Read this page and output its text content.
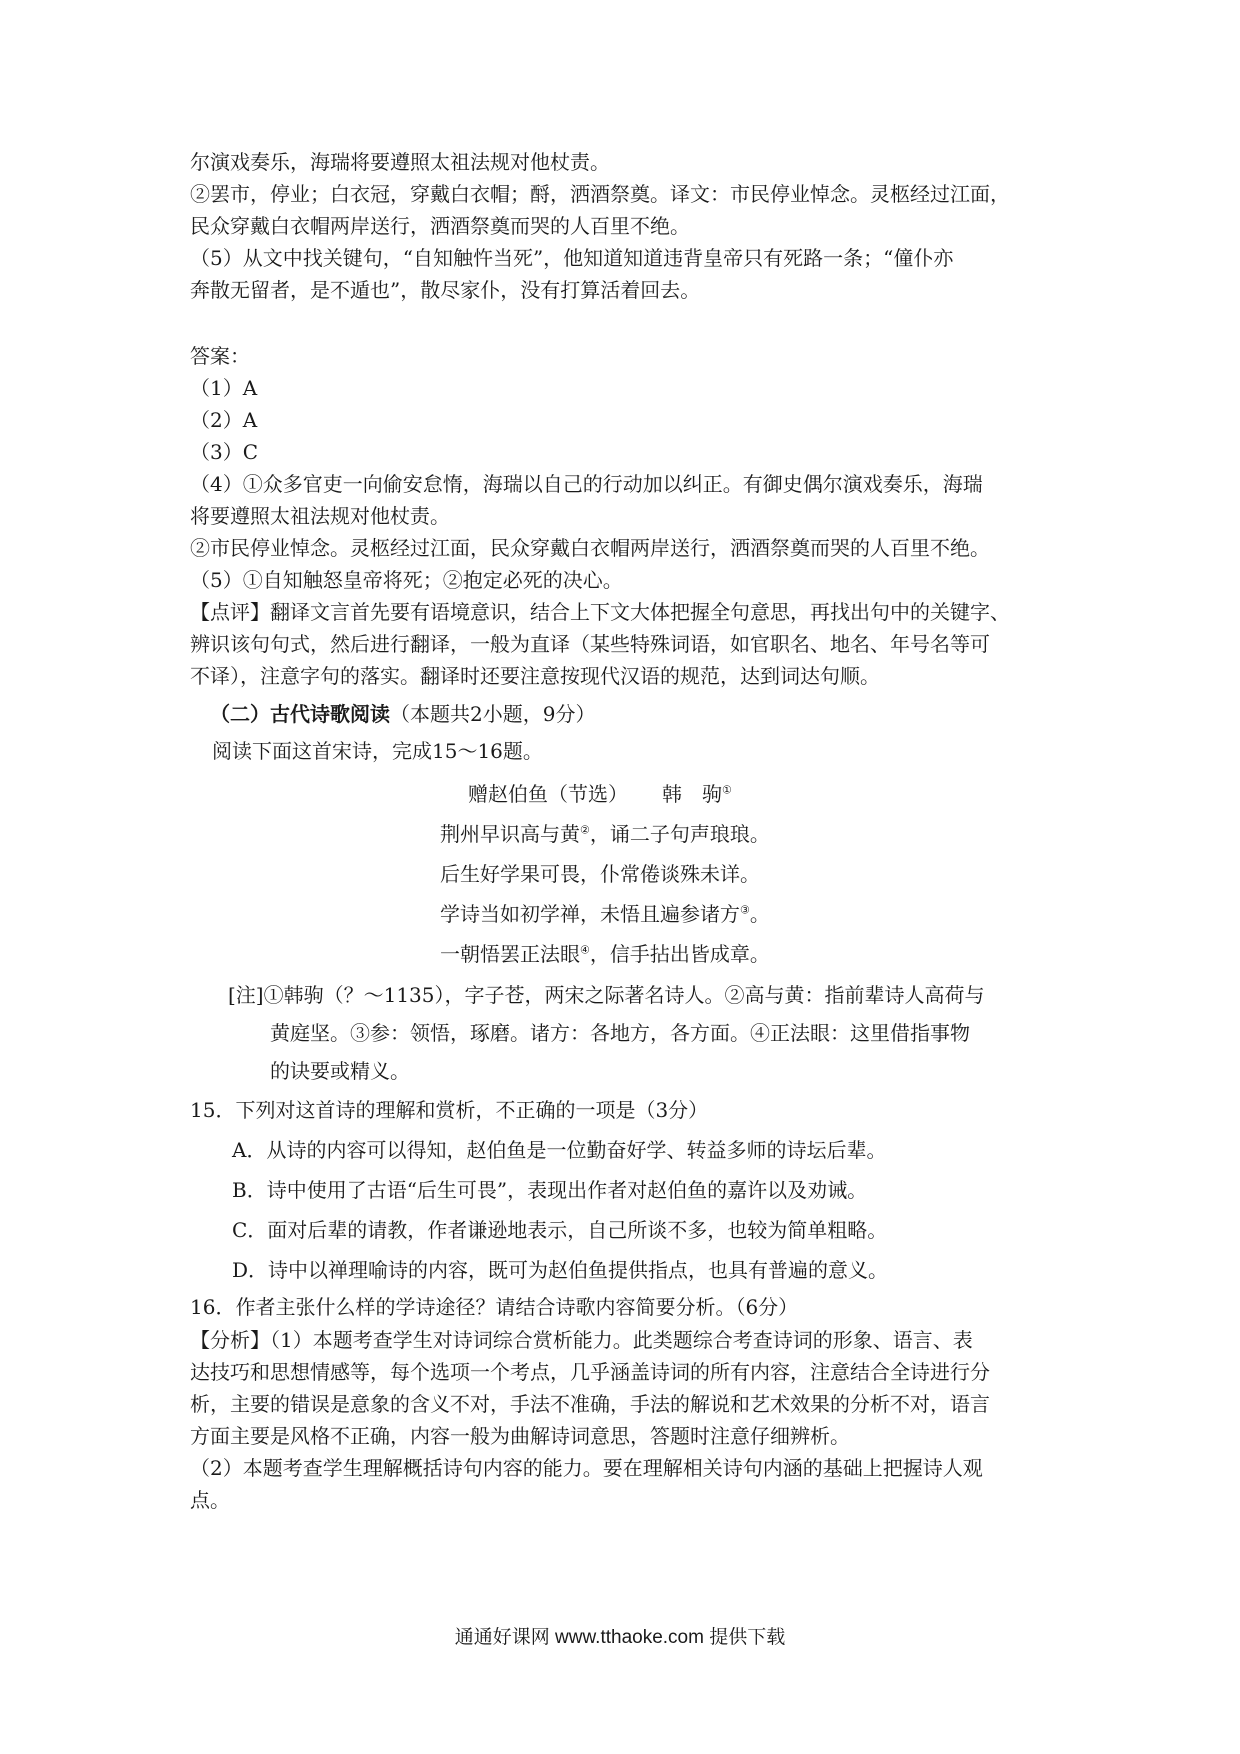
尔演戏奏乐，海瑞将要遵照太祖法规对他杖责。
②罢市，停业；白衣冠，穿戴白衣帽；酹，洒酒祭奠。译文：市民停业悼念。灵柩经过江面，
民众穿戴白衣帽两岸送行，洒酒祭奠而哭的人百里不绝。
（5）从文中找关键句，“自知触忤当死”，他知道知道违背皇帝只有死路一条；“僮仆亦
奔散无留者，是不遁也”，散尽家仆，没有打算活着回去。
答案：
（1）A
（2）A
（3）C
（4）①众多官吏一向偷安怠惰，海瑞以自己的行动加以纠正。有御史偶尔演戏奏乐，海瑞
将要遵照太祖法规对他杖责。
②市民停业悼念。灵柩经过江面，民众穿戴白衣帽两岸送行，洒酒祭奠而哭的人百里不绝。
（5）①自知触怒皇帝将死；②抱定必死的决心。
【点评】翻译文言首先要有语境意识，结合上下文大体把握全句意思，再找出句中的关键字、
辨识该句句式，然后进行翻译，一般为直译（某些特殊词语，如官职名、地名、年号名等可
不译），注意字句的落实。翻译时还要注意按现代汉语的规范，达到词达句顺。
（二）古代诗歌阅读（本题共2小题，9分）
阅读下面这首宋诗，完成15～16题。
赠赵伯鱼（节选） 韩　驹①
荆州早识高与黄②，诵二子句声琅琅。
后生好学果可畏，仆常倦谈殊未详。
学诗当如初学禅，未悟且遍参诸方③。
一朝悟罢正法眼④，信手拈出皆成章。
[注]①韩驹（？～1135），字子苍，两宋之际著名诗人。②高与黄：指前辈诗人高荷与
黄庭坚。③参：领悟，琢磨。诸方：各地方，各方面。④正法眼：这里借指事物
的诀要或精义。
15．下列对这首诗的理解和赏析，不正确的一项是（3分）
A．从诗的内容可以得知，赵伯鱼是一位勤奋好学、转益多师的诗坛后辈。
B．诗中使用了古语“后生可畏”，表现出作者对赵伯鱼的嘉许以及劝诫。
C．面对后辈的请教，作者谦逊地表示，自己所谈不多，也较为简单粗略。
D．诗中以禅理喻诗的内容，既可为赵伯鱼提供指点，也具有普遍的意义。
16．作者主张什么样的学诗途径？请结合诗歌内容简要分析。（6分）
【分析】（1）本题考查学生对诗词综合赏析能力。此类题综合考查诗词的形象、语言、表
达技巧和思想情感等，每个选项一个考点，几乎涵盖诗词的所有内容，注意结合全诗进行分
析，主要的错误是意象的含义不对，手法不准确，手法的解说和艺术效果的分析不对，语言
方面主要是风格不正确，内容一般为曲解诗词意思，答题时注意仔细辨析。
（2）本题考查学生理解概括诗句内容的能力。要在理解相关诗句内涵的基础上把握诗人观
点。
通通好课网 www.tthaoke.com 提供下载
